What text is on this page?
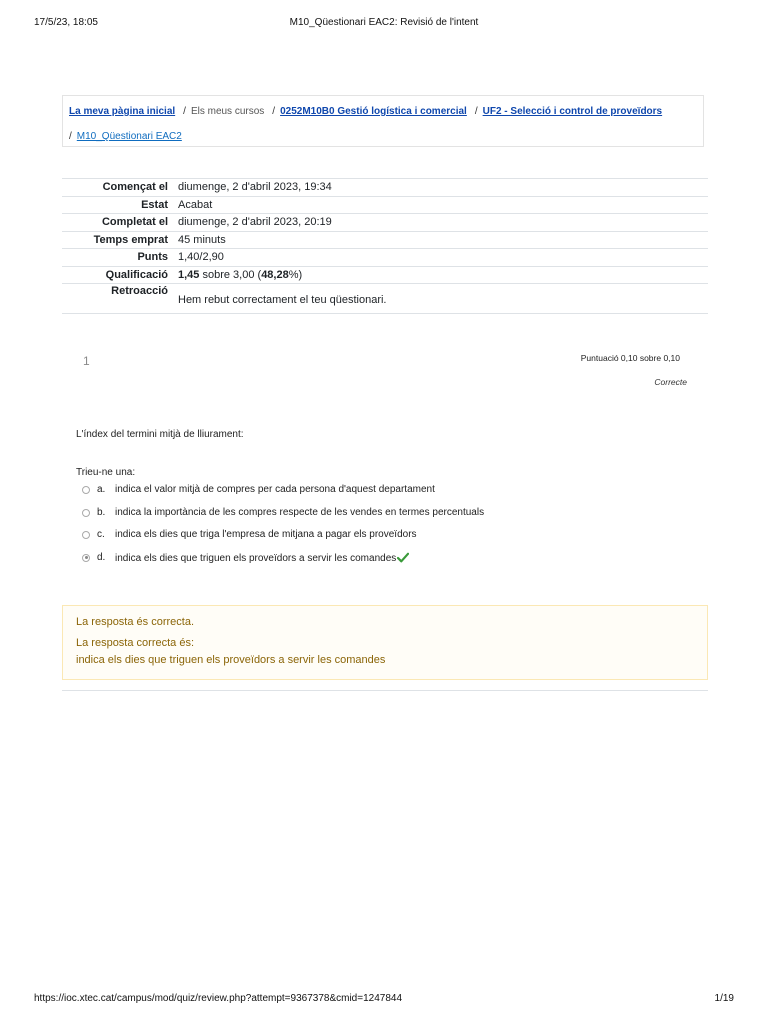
17/5/23, 18:05	M10_Qüestionari EAC2: Revisió de l'intent
La meva pàgina inicial / Els meus cursos / 0252M10B0 Gestió logística i comercial / UF2 - Selecció i control de proveïdors
/ M10_Qüestionari EAC2
Començat el	diumenge, 2 d'abril 2023, 19:34
Estat	Acabat
Completat el	diumenge, 2 d'abril 2023, 20:19
Temps emprat	45 minuts
Punts	1,40/2,90
Qualificació	1,45 sobre 3,00 (48,28%)
Retroacció	Hem rebut correctament el teu qüestionari.
1	Puntuació 0,10 sobre 0,10
Correcte
L'índex del termini mitjà de lliurament:
Trieu-ne una:
a. indica el valor mitjà de compres per cada persona d'aquest departament
b. indica la importància de les compres respecte de les vendes en termes percentuals
c. indica els dies que triga l'empresa de mitjana a pagar els proveïdors
d. indica els dies que triguen els proveïdors a servir les comandes
La resposta és correcta.
La resposta correcta és:
indica els dies que triguen els proveïdors a servir les comandes
https://ioc.xtec.cat/campus/mod/quiz/review.php?attempt=9367378&cmid=1247844	1/19
